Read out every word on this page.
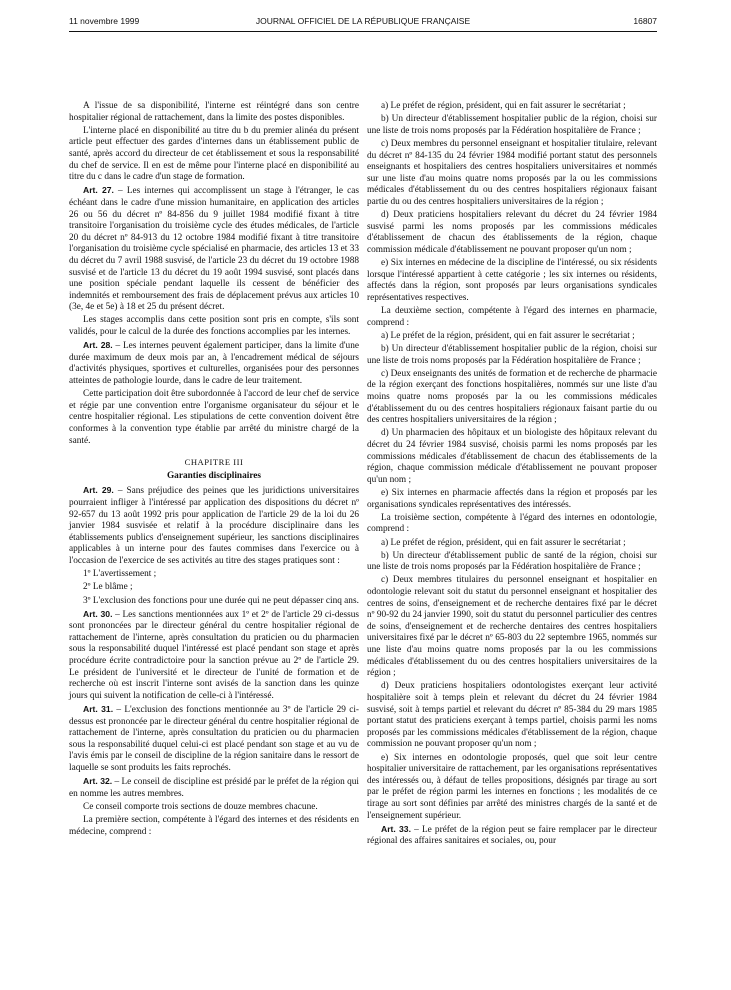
11 novembre 1999	JOURNAL OFFICIEL DE LA RÉPUBLIQUE FRANÇAISE	16807

A l'issue de sa disponibilité, l'interne est réintégré dans son centre hospitalier régional de rattachement, dans la limite des postes disponibles.

L'interne placé en disponibilité au titre du b du premier alinéa du présent article peut effectuer des gardes d'internes dans un établissement public de santé, après accord du directeur de cet établissement et sous la responsabilité du chef de service. Il en est de même pour l'interne placé en disponibilité au titre du c dans le cadre d'un stage de formation.

Art. 27. – Les internes qui accomplissent un stage à l'étranger, le cas échéant dans le cadre d'une mission humanitaire, en application des articles 26 ou 56 du décret nº 84-856 du 9 juillet 1984 modifié fixant à titre transitoire l'organisation du troisième cycle des études médicales, de l'article 20 du décret nº 84-913 du 12 octobre 1984 modifié fixant à titre transitoire l'organisation du troisième cycle spécialisé en pharmacie, des articles 13 et 33 du décret du 7 avril 1988 susvisé, de l'article 23 du décret du 19 octobre 1988 susvisé et de l'article 13 du décret du 19 août 1994 susvisé, sont placés dans une position spéciale pendant laquelle ils cessent de bénéficier des indemnités et remboursement des frais de déplacement prévus aux articles 10 (3e, 4e et 5e) à 18 et 25 du présent décret.

Les stages accomplis dans cette position sont pris en compte, s'ils sont validés, pour le calcul de la durée des fonctions accomplies par les internes.

Art. 28. – Les internes peuvent également participer, dans la limite d'une durée maximum de deux mois par an, à l'encadrement médical de séjours d'activités physiques, sportives et culturelles, organisées pour des personnes atteintes de pathologie lourde, dans le cadre de leur traitement.

Cette participation doit être subordonnée à l'accord de leur chef de service et régie par une convention entre l'organisme organisateur du séjour et le centre hospitalier régional. Les stipulations de cette convention doivent être conformes à la convention type établie par arrêté du ministre chargé de la santé.

CHAPITRE III

Garanties disciplinaires

Art. 29. – Sans préjudice des peines que les juridictions universitaires pourraient infliger à l'intéressé par application des dispositions du décret nº 92-657 du 13 août 1992 pris pour application de l'article 29 de la loi du 26 janvier 1984 susvisée et relatif à la procédure disciplinaire dans les établissements publics d'enseignement supérieur, les sanctions disciplinaires applicables à un interne pour des fautes commises dans l'exercice ou à l'occasion de l'exercice de ses activités au titre des stages pratiques sont :

1º L'avertissement ;

2º Le blâme ;

3º L'exclusion des fonctions pour une durée qui ne peut dépasser cinq ans.

Art. 30. – Les sanctions mentionnées aux 1º et 2º de l'article 29 ci-dessus sont prononcées par le directeur général du centre hospitalier régional de rattachement de l'interne, après consultation du praticien ou du pharmacien sous la responsabilité duquel l'intéressé est placé pendant son stage et après procédure écrite contradictoire pour la sanction prévue au 2º de l'article 29. Le président de l'université et le directeur de l'unité de formation et de recherche où est inscrit l'interne sont avisés de la sanction dans les quinze jours qui suivent la notification de celle-ci à l'intéressé.

Art. 31. – L'exclusion des fonctions mentionnée au 3º de l'article 29 ci-dessus est prononcée par le directeur général du centre hospitalier régional de rattachement de l'interne, après consultation du praticien ou du pharmacien sous la responsabilité duquel celui-ci est placé pendant son stage et au vu de l'avis émis par le conseil de discipline de la région sanitaire dans le ressort de laquelle se sont produits les faits reprochés.

Art. 32. – Le conseil de discipline est présidé par le préfet de la région qui en nomme les autres membres.

Ce conseil comporte trois sections de douze membres chacune.

La première section, compétente à l'égard des internes et des résidents en médecine, comprend :

a) Le préfet de région, président, qui en fait assurer le secrétariat ;

b) Un directeur d'établissement hospitalier public de la région, choisi sur une liste de trois noms proposés par la Fédération hospitalière de France ;

c) Deux membres du personnel enseignant et hospitalier titulaire, relevant du décret nº 84-135 du 24 février 1984 modifié portant statut des personnels enseignants et hospitaliers des centres hospitaliers universitaires et nommés sur une liste d'au moins quatre noms proposés par la ou les commissions médicales d'établissement du ou des centres hospitaliers régionaux faisant partie du ou des centres hospitaliers universitaires de la région ;

d) Deux praticiens hospitaliers relevant du décret du 24 février 1984 susvisé parmi les noms proposés par les commissions médicales d'établissement de chacun des établissements de la région, chaque commission médicale d'établissement ne pouvant proposer qu'un nom ;

e) Six internes en médecine de la discipline de l'intéressé, ou six résidents lorsque l'intéressé appartient à cette catégorie ; les six internes ou résidents, affectés dans la région, sont proposés par leurs organisations syndicales représentatives respectives.

La deuxième section, compétente à l'égard des internes en pharmacie, comprend :

a) Le préfet de la région, président, qui en fait assurer le secrétariat ;

b) Un directeur d'établissement hospitalier public de la région, choisi sur une liste de trois noms proposés par la Fédération hospitalière de France ;

c) Deux enseignants des unités de formation et de recherche de pharmacie de la région exerçant des fonctions hospitalières, nommés sur une liste d'au moins quatre noms proposés par la ou les commissions médicales d'établissement du ou des centres hospitaliers régionaux faisant partie du ou des centres hospitaliers universitaires de la région ;

d) Un pharmacien des hôpitaux et un biologiste des hôpitaux relevant du décret du 24 février 1984 susvisé, choisis parmi les noms proposés par les commissions médicales d'établissement de chacun des établissements de la région, chaque commission médicale d'établissement ne pouvant proposer qu'un nom ;

e) Six internes en pharmacie affectés dans la région et proposés par les organisations syndicales représentatives des intéressés.

La troisième section, compétente à l'égard des internes en odontologie, comprend :

a) Le préfet de région, président, qui en fait assurer le secrétariat ;

b) Un directeur d'établissement public de santé de la région, choisi sur une liste de trois noms proposés par la Fédération hospitalière de France ;

c) Deux membres titulaires du personnel enseignant et hospitalier en odontologie relevant soit du statut du personnel enseignant et hospitalier des centres de soins, d'enseignement et de recherche dentaires fixé par le décret nº 90-92 du 24 janvier 1990, soit du statut du personnel particulier des centres de soins, d'enseignement et de recherche dentaires des centres hospitaliers universitaires fixé par le décret nº 65-803 du 22 septembre 1965, nommés sur une liste d'au moins quatre noms proposés par la ou les commissions médicales d'établissement du ou des centres hospitaliers universitaires de la région ;

d) Deux praticiens hospitaliers odontologistes exerçant leur activité hospitalière soit à temps plein et relevant du décret du 24 février 1984 susvisé, soit à temps partiel et relevant du décret nº 85-384 du 29 mars 1985 portant statut des praticiens exerçant à temps partiel, choisis parmi les noms proposés par les commissions médicales d'établissement de la région, chaque commission ne pouvant proposer qu'un nom ;

e) Six internes en odontologie proposés, quel que soit leur centre hospitalier universitaire de rattachement, par les organisations représentatives des intéressés ou, à défaut de telles propositions, désignés par tirage au sort par le préfet de région parmi les internes en fonctions ; les modalités de ce tirage au sort sont définies par arrêté des ministres chargés de la santé et de l'enseignement supérieur.

Art. 33. – Le préfet de la région peut se faire remplacer par le directeur régional des affaires sanitaires et sociales, ou, pour
